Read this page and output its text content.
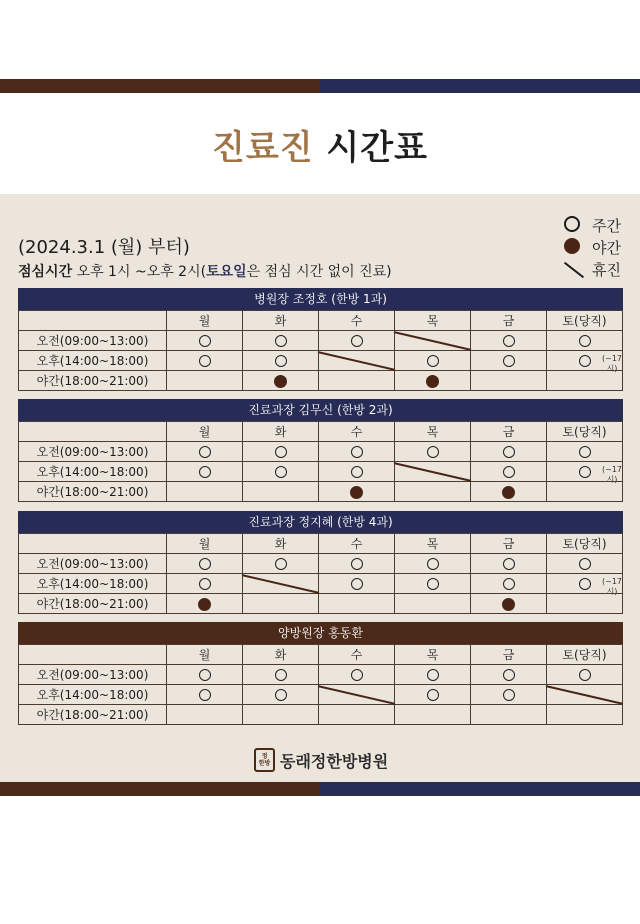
진료진 시간표
주간
야간
휴진
(2024.3.1 (월) 부터)
점심시간 오후 1시 ~오후 2시(토요일은 점심 시간 없이 진료)
병원장 조정호 (한방 1과)
	월	화	수	목	금	토(당직)
오전(09:00~13:00)				

오후(14:00~18:00)						(~17시)

야간(18:00~21:00)						
진료과장 김무신 (한방 2과)
	월	화	수	목	금	토(당직)
오전(09:00~13:00)						
오후(14:00~18:00)						(~17시)

야간(18:00~21:00)						
진료과장 정지혜 (한방 4과)
	월	화	수	목	금	토(당직)
오전(09:00~13:00)						
오후(14:00~18:00)						(~17시)

야간(18:00~21:00)						
양방원장 홍동환
	월	화	수	목	금	토(당직)
오전(09:00~13:00)						
오후(14:00~18:00)			

야간(18:00~21:00)						
정
한방 동래정한방병원
